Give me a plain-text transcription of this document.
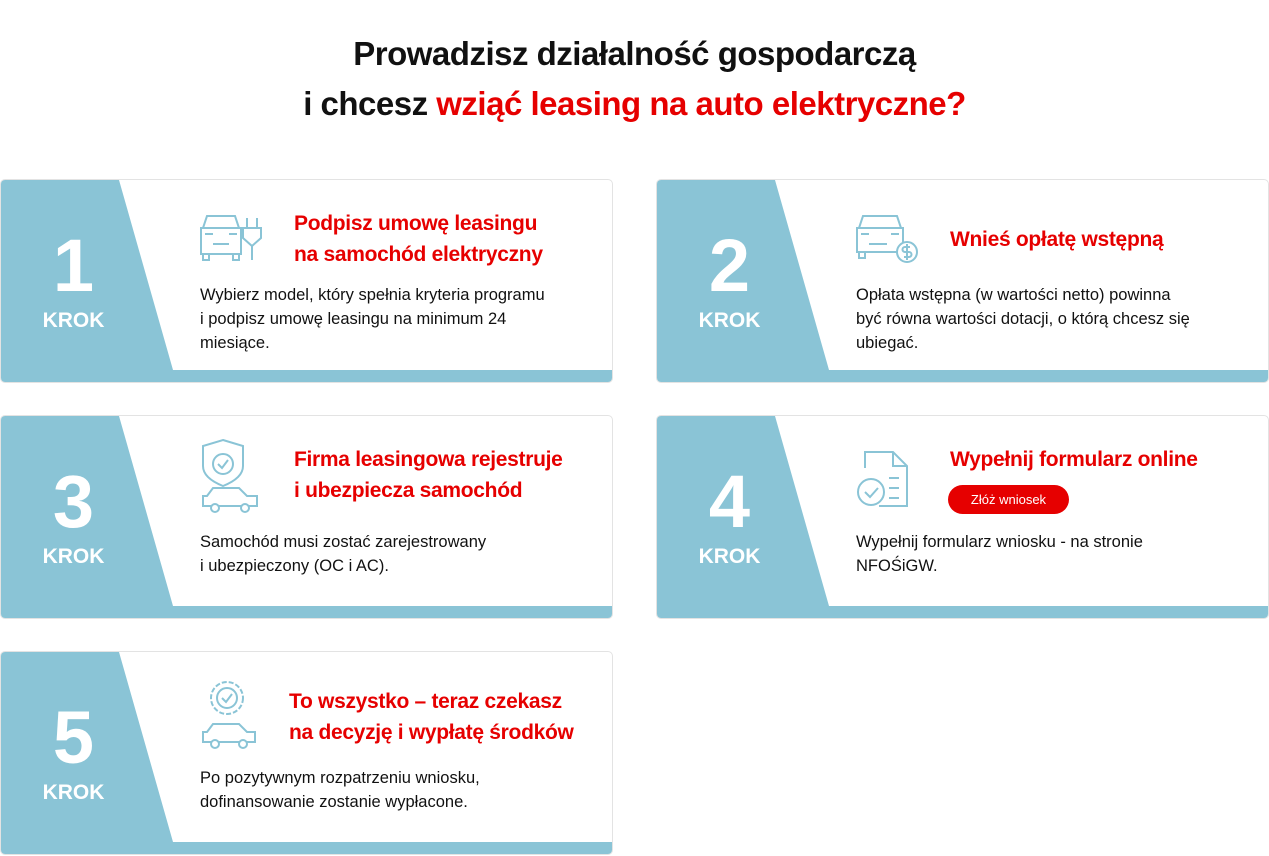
Prowadzisz działalność gospodarczą
i chcesz wziąć leasing na auto elektryczne?
1
KROK
Podpisz umowę leasingu
na samochód elektryczny
Wybierz model, który spełnia kryteria programu
i podpisz umowę leasingu na minimum 24
miesiące.
2
KROK
Wnieś opłatę wstępną
Opłata wstępna (w wartości netto) powinna
być równa wartości dotacji, o którą chcesz się
ubiegać.
3
KROK
Firma leasingowa rejestruje
i ubezpiecza samochód
Samochód musi zostać zarejestrowany
i ubezpieczony (OC i AC).
4
KROK
Wypełnij formularz online
Złóż wniosek
Wypełnij formularz wniosku - na stronie
NFOŚiGW.
5
KROK
To wszystko – teraz czekasz
na decyzję i wypłatę środków
Po pozytywnym rozpatrzeniu wniosku,
dofinansowanie zostanie wypłacone.
